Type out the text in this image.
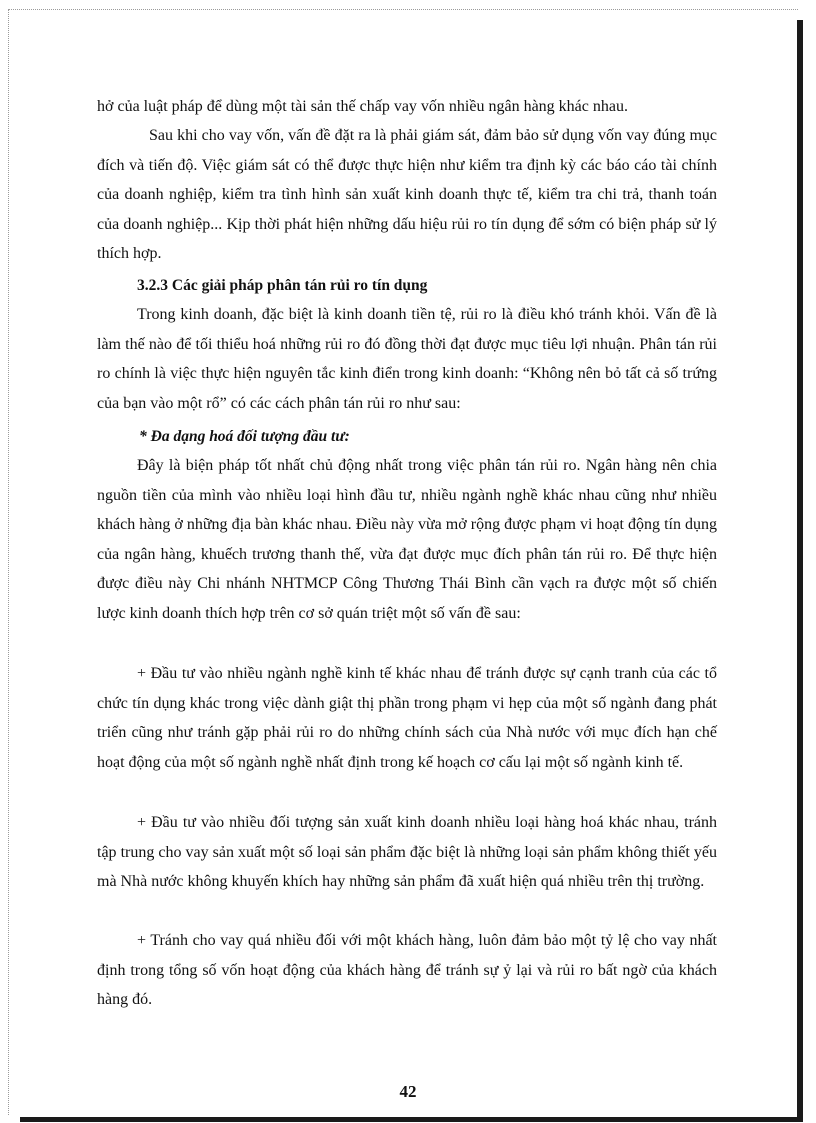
hở của luật pháp để dùng một tài sản thế chấp vay vốn nhiều ngân hàng khác nhau.

Sau khi cho vay vốn, vấn đề đặt ra là phải giám sát, đảm bảo sử dụng vốn vay đúng mục đích và tiến độ. Việc giám sát có thể được thực hiện như kiểm tra định kỳ các báo cáo tài chính của doanh nghiệp, kiểm tra tình hình sản xuất kinh doanh thực tế, kiểm tra chi trả, thanh toán của doanh nghiệp... Kịp thời phát hiện những dấu hiệu rủi ro tín dụng để sớm có biện pháp sử lý thích hợp.

3.2.3 Các giải pháp phân tán rủi ro tín dụng

Trong kinh doanh, đặc biệt là kinh doanh tiền tệ, rủi ro là điều khó tránh khỏi. Vấn đề là làm thế nào để tối thiểu hoá những rủi ro đó đồng thời đạt được mục tiêu lợi nhuận. Phân tán rủi ro chính là việc thực hiện nguyên tắc kinh điển trong kinh doanh: “Không nên bỏ tất cả số trứng của bạn vào một rổ” có các cách phân tán rủi ro như sau:

* Đa dạng hoá đối tượng đầu tư:

Đây là biện pháp tốt nhất chủ động nhất trong việc phân tán rủi ro. Ngân hàng nên chia nguồn tiền của mình vào nhiều loại hình đầu tư, nhiều ngành nghề khác nhau cũng như nhiều khách hàng ở những địa bàn khác nhau. Điều này vừa mở rộng được phạm vi hoạt động tín dụng của ngân hàng, khuếch trương thanh thế, vừa đạt được mục đích phân tán rủi ro. Để thực hiện được điều này Chi nhánh NHTMCP Công Thương Thái Bình cần vạch ra được một số chiến lược kinh doanh thích hợp trên cơ sở quán triệt một số vấn đề sau:

+ Đầu tư vào nhiều ngành nghề kinh tế khác nhau để tránh được sự cạnh tranh của các tổ chức tín dụng khác trong việc dành giật thị phần trong phạm vi hẹp của một số ngành đang phát triển cũng như tránh gặp phải rủi ro do những chính sách của Nhà nước với mục đích hạn chế hoạt động của một số ngành nghề nhất định trong kế hoạch cơ cấu lại một số ngành kinh tế.

+ Đầu tư vào nhiều đối tượng sản xuất kinh doanh nhiều loại hàng hoá khác nhau, tránh tập trung cho vay sản xuất một số loại sản phẩm đặc biệt là những loại sản phẩm không thiết yếu mà Nhà nước không khuyến khích hay những sản phẩm đã xuất hiện quá nhiều trên thị trường.

+ Tránh cho vay quá nhiều đối với một khách hàng, luôn đảm bảo một tỷ lệ cho vay nhất định trong tổng số vốn hoạt động của khách hàng để tránh sự ỷ lại và rủi ro bất ngờ của khách hàng đó.

42
